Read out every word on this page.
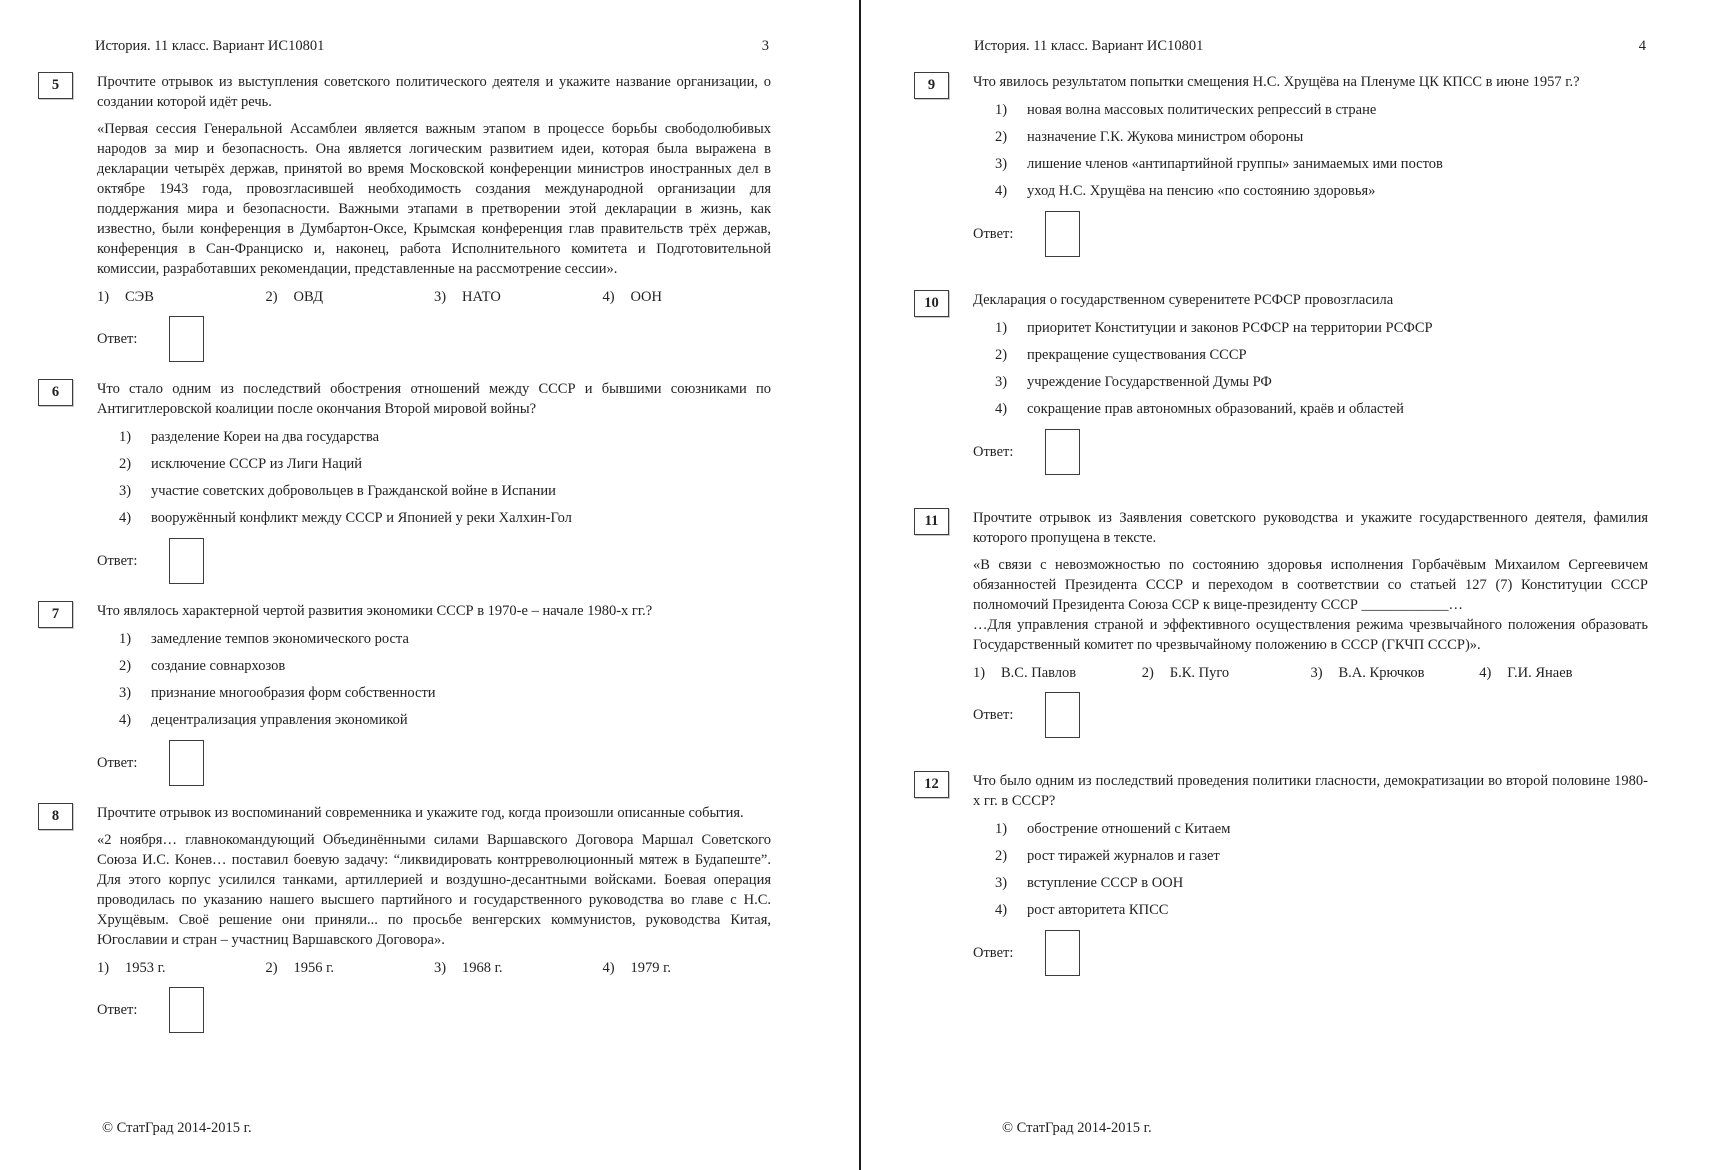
История. 11 класс. Вариант ИС10801	3
5	Прочтите отрывок из выступления советского политического деятеля и укажите название организации, о создании которой идёт речь.
«Первая сессия Генеральной Ассамблеи является важным этапом в процессе борьбы свободолюбивых народов за мир и безопасность. Она является логическим развитием идеи, которая была выражена в декларации четырёх держав, принятой во время Московской конференции министров иностранных дел в октябре 1943 года, провозгласившей необходимость создания международной организации для поддержания мира и безопасности. Важными этапами в претворении этой декларации в жизнь, как известно, были конференция в Думбартон-Оксе, Крымская конференция глав правительств трёх держав, конференция в Сан-Франциско и, наконец, работа Исполнительного комитета и Подготовительной комиссии, разработавших рекомендации, представленные на рассмотрение сессии».
1)	СЭВ	2)	ОВД	3)	НАТО	4)	ООН
Ответ:
6	Что стало одним из последствий обострения отношений между СССР и бывшими союзниками по Антигитлеровской коалиции после окончания Второй мировой войны?
1)	разделение Кореи на два государства
2)	исключение СССР из Лиги Наций
3)	участие советских добровольцев в Гражданской войне в Испании
4)	вооружённый конфликт между СССР и Японией у реки Халхин-Гол
Ответ:
7	Что являлось характерной чертой развития экономики СССР в 1970-е – начале 1980-х гг.?
1)	замедление темпов экономического роста
2)	создание совнархозов
3)	признание многообразия форм собственности
4)	децентрализация управления экономикой
Ответ:
8	Прочтите отрывок из воспоминаний современника и укажите год, когда произошли описанные события.
«2 ноября… главнокомандующий Объединёнными силами Варшавского Договора Маршал Советского Союза И.С. Конев… поставил боевую задачу: “ликвидировать контрреволюционный мятеж в Будапеште”. Для этого корпус усилился танками, артиллерией и воздушно-десантными войсками. Боевая операция проводилась по указанию нашего высшего партийного и государственного руководства во главе с Н.С. Хрущёвым. Своё решение они приняли... по просьбе венгерских коммунистов, руководства Китая, Югославии и стран – участниц Варшавского Договора».
1)	1953 г.	2)	1956 г.	3)	1968 г.	4)	1979 г.
Ответ:
© СтатГрад 2014-2015 г.
История. 11 класс. Вариант ИС10801	4
9	Что явилось результатом попытки смещения Н.С. Хрущёва на Пленуме ЦК КПСС в июне 1957 г.?
1)	новая волна массовых политических репрессий в стране
2)	назначение Г.К. Жукова министром обороны
3)	лишение членов «антипартийной группы» занимаемых ими постов
4)	уход Н.С. Хрущёва на пенсию «по состоянию здоровья»
Ответ:
10	Декларация о государственном суверенитете РСФСР провозгласила
1)	приоритет Конституции и законов РСФСР на территории РСФСР
2)	прекращение существования СССР
3)	учреждение Государственной Думы РФ
4)	сокращение прав автономных образований, краёв и областей
Ответ:
11	Прочтите отрывок из Заявления советского руководства и укажите государственного деятеля, фамилия которого пропущена в тексте.
«В связи с невозможностью по состоянию здоровья исполнения Горбачёвым Михаилом Сергеевичем обязанностей Президента СССР и переходом в соответствии со статьей 127 (7) Конституции СССР полномочий Президента Союза ССР к вице-президенту СССР ____________…
…Для управления страной и эффективного осуществления режима чрезвычайного положения образовать Государственный комитет по чрезвычайному положению в СССР (ГКЧП СССР)».
1)	В.С. Павлов	2)	Б.К. Пуго	3)	В.А. Крючков	4)	Г.И. Янаев
Ответ:
12	Что было одним из последствий проведения политики гласности, демократизации во второй половине 1980-х гг. в СССР?
1)	обострение отношений с Китаем
2)	рост тиражей журналов и газет
3)	вступление СССР в ООН
4)	рост авторитета КПСС
Ответ:
© СтатГрад 2014-2015 г.
